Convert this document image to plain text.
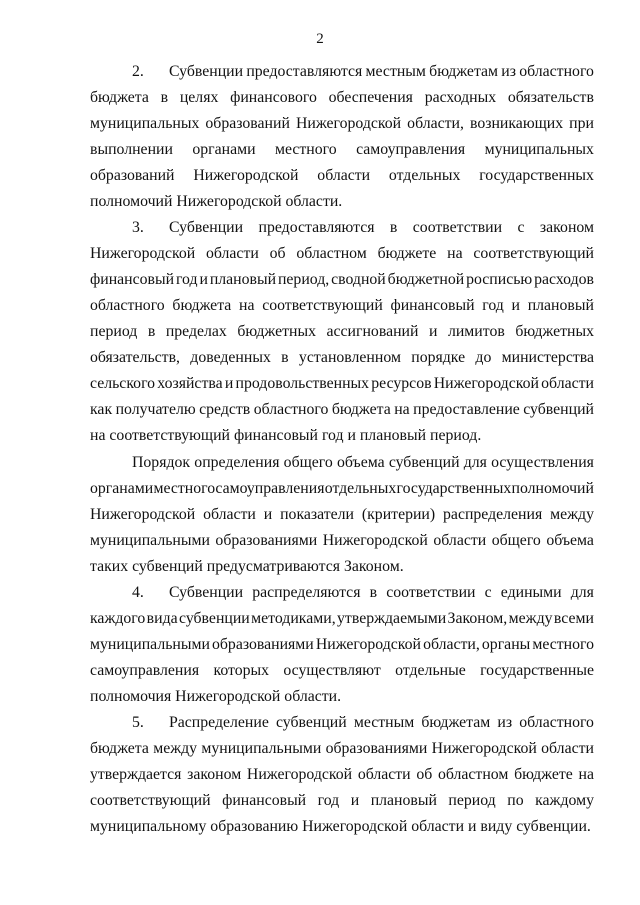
2
2.	Субвенции предоставляются местным бюджетам из областного
бюджета в целях финансового обеспечения расходных обязательств
муниципальных образований Нижегородской области, возникающих при
выполнении органами местного самоуправления муниципальных
образований Нижегородской области отдельных государственных
полномочий Нижегородской области.
3.	Субвенции предоставляются в соответствии с законом
Нижегородской области об областном бюджете на соответствующий
финансовый год и плановый период, сводной бюджетной росписью расходов
областного бюджета на соответствующий финансовый год и плановый
период в пределах бюджетных ассигнований и лимитов бюджетных
обязательств, доведенных в установленном порядке до министерства
сельского хозяйства и продовольственных ресурсов Нижегородской области
как получателю средств областного бюджета на предоставление субвенций
на соответствующий финансовый год и плановый период.
Порядок определения общего объема субвенций для осуществления
органами местного самоуправления отдельных государственных полномочий
Нижегородской области и показатели (критерии) распределения между
муниципальными образованиями Нижегородской области общего объема
таких субвенций предусматриваются Законом.
4.	Субвенции распределяются в соответствии с едиными для
каждого вида субвенции методиками, утверждаемыми Законом, между всеми
муниципальными образованиями Нижегородской области, органы местного
самоуправления которых осуществляют отдельные государственные
полномочия Нижегородской области.
5.	Распределение субвенций местным бюджетам из областного
бюджета между муниципальными образованиями Нижегородской области
утверждается законом Нижегородской области об областном бюджете на
соответствующий финансовый год и плановый период по каждому
муниципальному образованию Нижегородской области и виду субвенции.
